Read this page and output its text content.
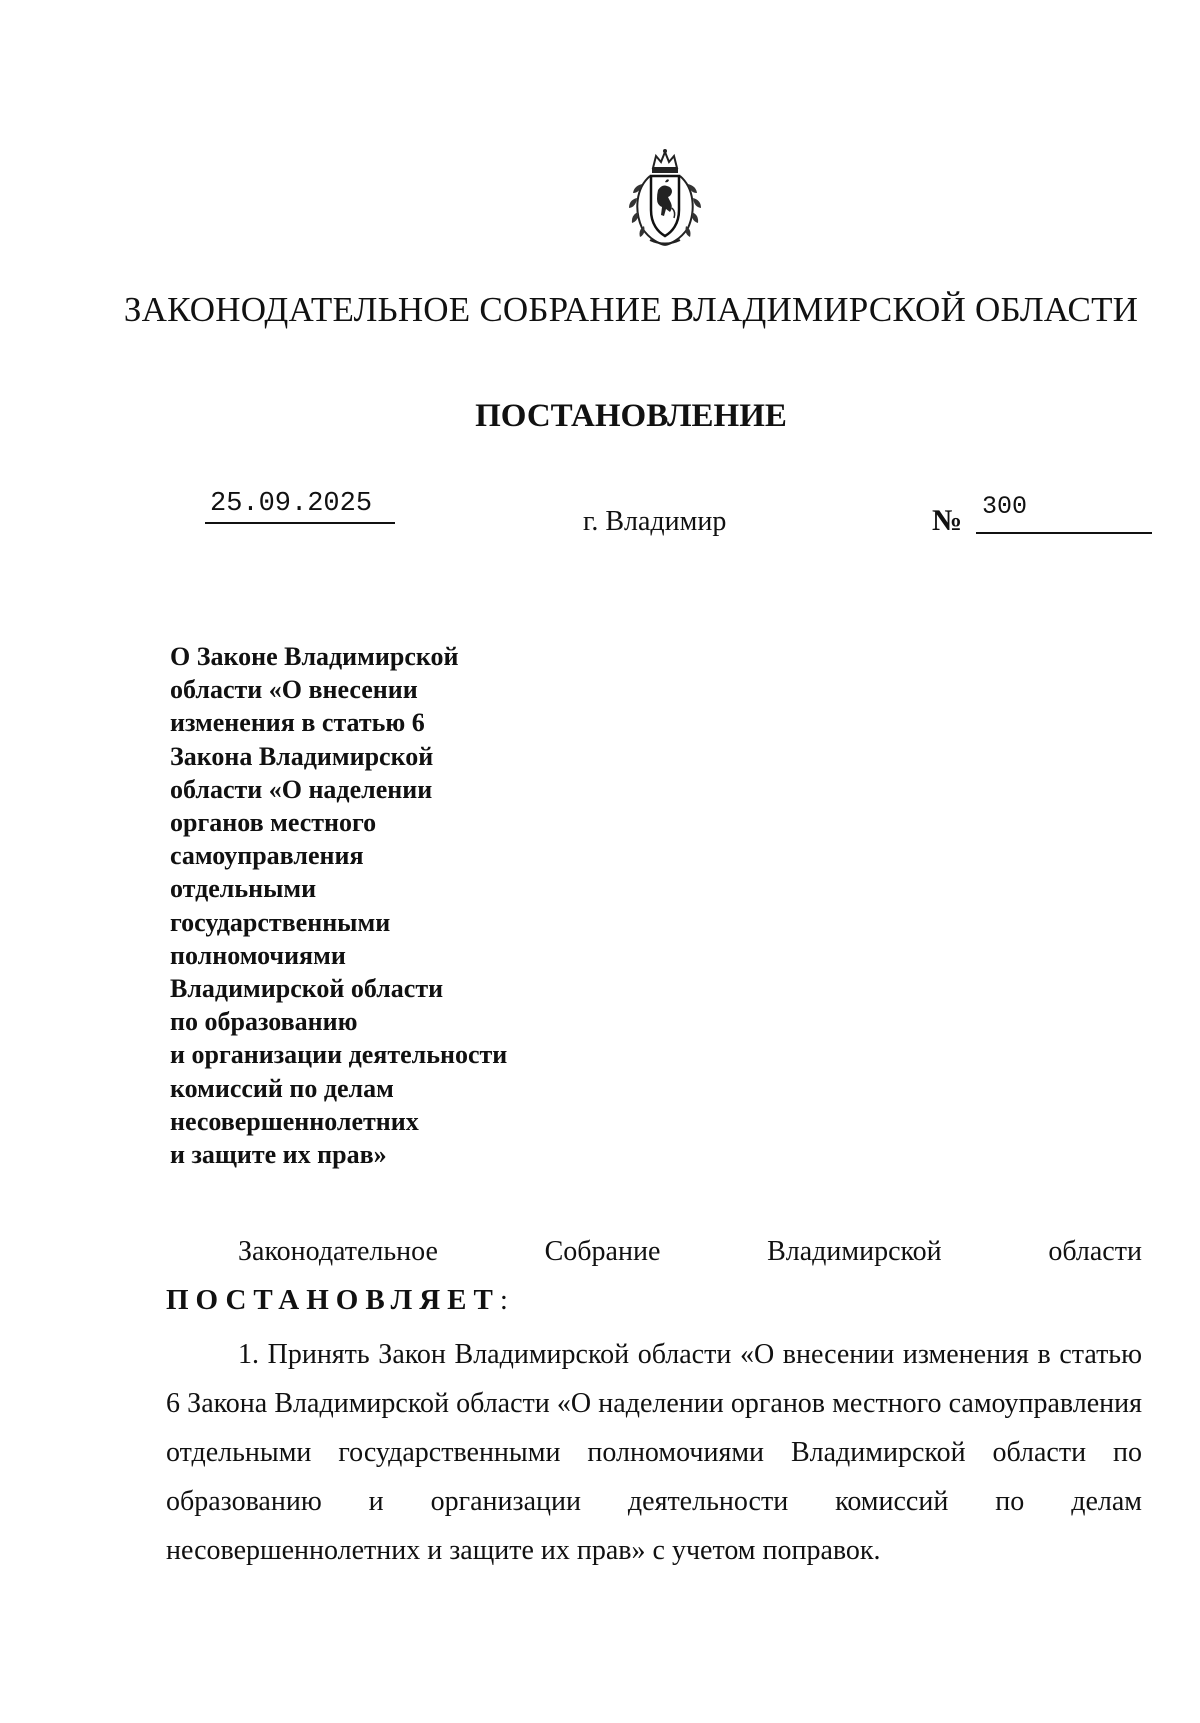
ЗАКОНОДАТЕЛЬНОЕ СОБРАНИЕ ВЛАДИМИРСКОЙ ОБЛАСТИ
ПОСТАНОВЛЕНИЕ
25.09.2025
г. Владимир	№ 300
О Законе Владимирской
области «О внесении
изменения в статью 6
Закона Владимирской
области «О наделении
органов местного
самоуправления
отдельными
государственными
полномочиями
Владимирской области
по образованию
и организации деятельности
комиссий по делам
несовершеннолетних
и защите их прав»
Законодательное	Собрание	Владимирской	области
ПОСТАНОВЛЯЕТ:
1. Принять Закон Владимирской области «О внесении изменения в статью 6 Закона Владимирской области «О наделении органов местного самоуправления отдельными государственными полномочиями Владимирской области по образованию и организации деятельности комиссий по делам несовершеннолетних и защите их прав» с учетом поправок.
